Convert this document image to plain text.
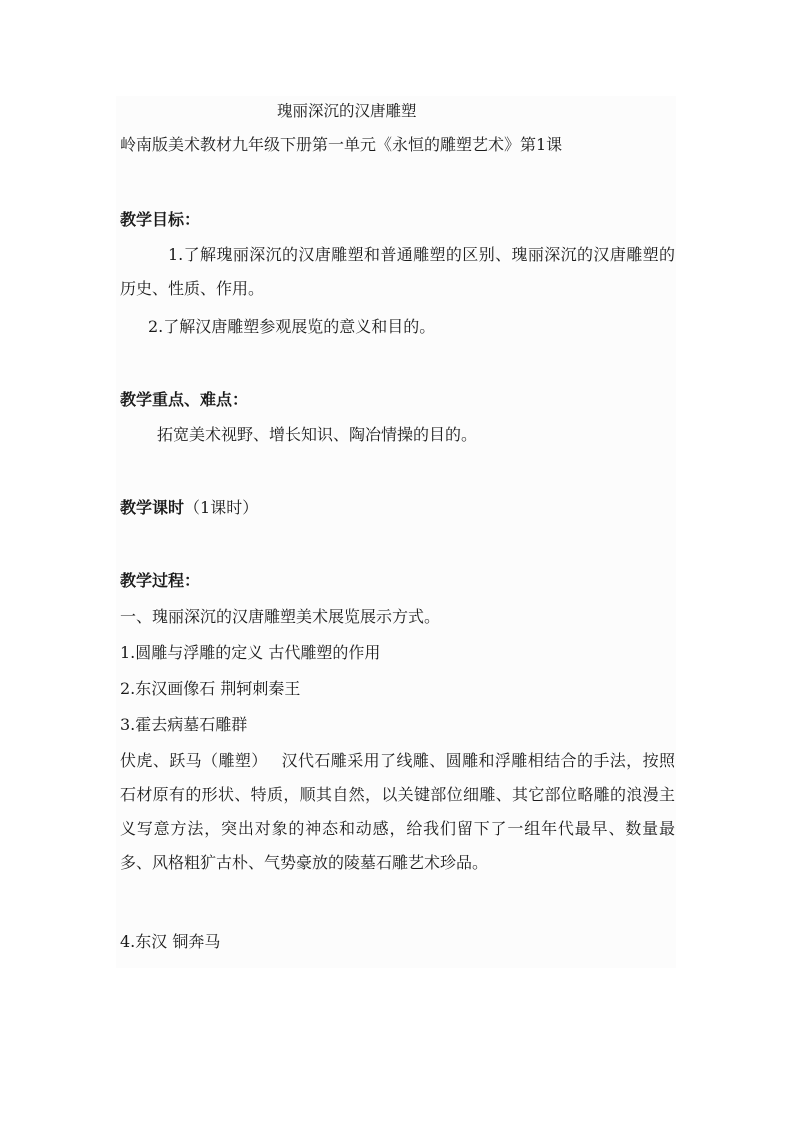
瑰丽深沉的汉唐雕塑
岭南版美术教材九年级下册第一单元《永恒的雕塑艺术》第1课
教学目标：
1.了解瑰丽深沉的汉唐雕塑和普通雕塑的区别、瑰丽深沉的汉唐雕塑的历史、性质、作用。
2.了解汉唐雕塑参观展览的意义和目的。
教学重点、难点：
拓宽美术视野、增长知识、陶冶情操的目的。
教学课时（1课时）
教学过程：
一、瑰丽深沉的汉唐雕塑美术展览展示方式。
1.圆雕与浮雕的定义 古代雕塑的作用
2.东汉画像石 荆轲刺秦王
3.霍去病墓石雕群
伏虎、跃马（雕塑）　 汉代石雕采用了线雕、圆雕和浮雕相结合的手法，按照石材原有的形状、特质，顺其自然，以关键部位细雕、其它部位略雕的浪漫主义写意方法，突出对象的神态和动感，给我们留下了一组年代最早、数量最多、风格粗犷古朴、气势豪放的陵墓石雕艺术珍品。
4.东汉 铜奔马
